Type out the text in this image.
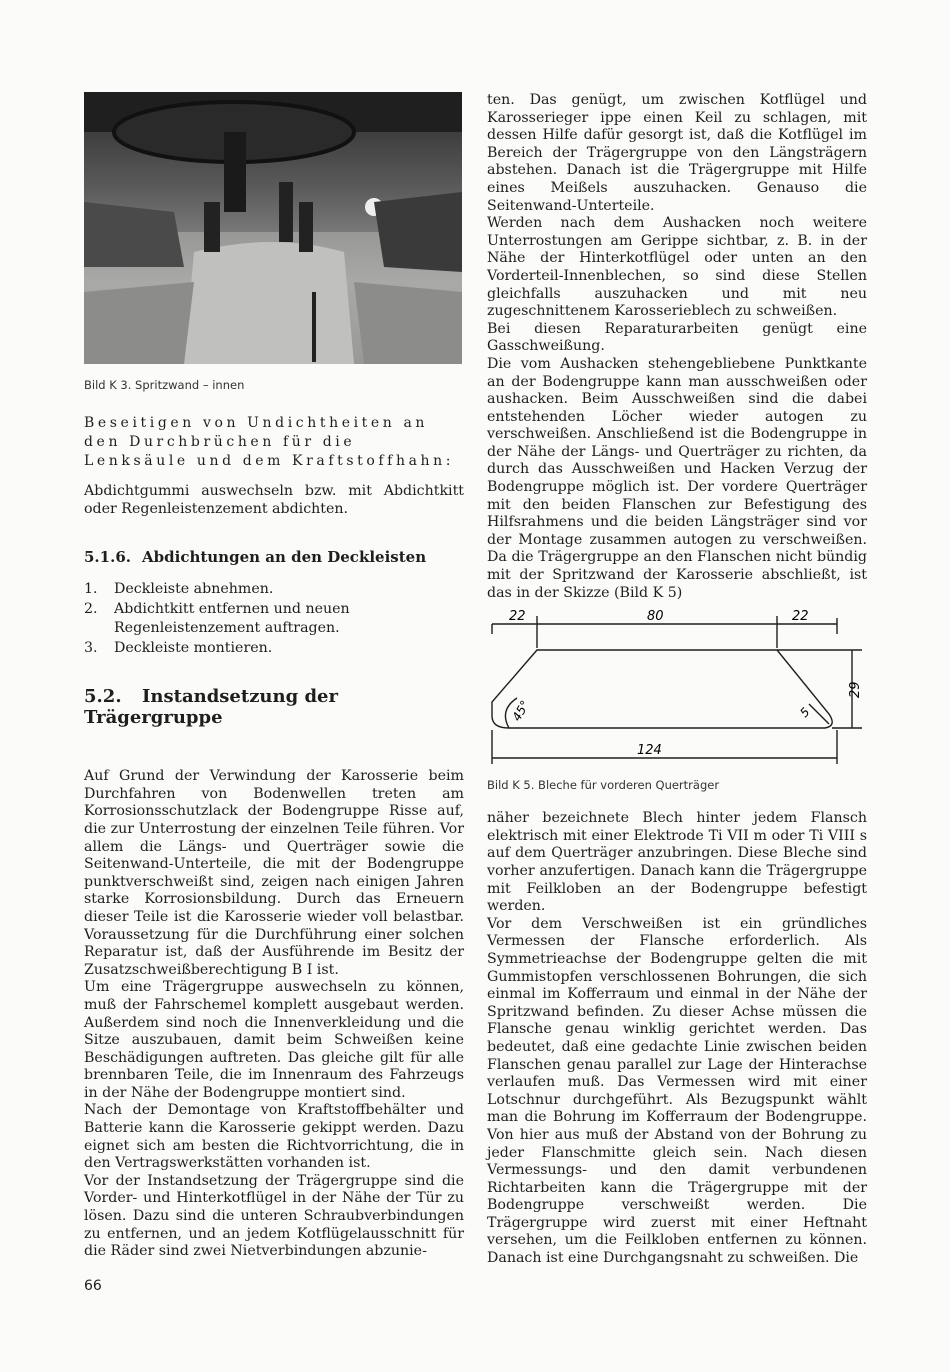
Bild K 3. Spritzwand – innen
Beseitigen von Undichtheiten an den Durchbrüchen für die Lenksäule und dem Kraftstoffhahn:

Abdichtgummi auswechseln bzw. mit Abdichtkitt oder Regenleistenzement abdichten.

5.1.6. Abdichtungen an den Deckleisten
1.	Deckleiste abnehmen.
2.	Abdichtkitt entfernen und neuen Regenleistenzement auftragen.
3.	Deckleiste montieren.
5.2. Instandsetzung der Trägergruppe

Auf Grund der Verwindung der Karosserie beim Durchfahren von Bodenwellen treten am Korrosionsschutzlack der Bodengruppe Risse auf, die zur Unterrostung der einzelnen Teile führen. Vor allem die Längs- und Querträger sowie die Seitenwand-Unterteile, die mit der Bodengruppe punktverschweißt sind, zeigen nach einigen Jahren starke Korrosionsbildung. Durch das Erneuern dieser Teile ist die Karosserie wieder voll belastbar. Voraussetzung für die Durchführung einer solchen Reparatur ist, daß der Ausführende im Besitz der Zusatzschweißberechtigung B I ist.

Um eine Trägergruppe auswechseln zu können, muß der Fahrschemel komplett ausgebaut werden. Außerdem sind noch die Innenverkleidung und die Sitze auszubauen, damit beim Schweißen keine Beschädigungen auftreten. Das gleiche gilt für alle brennbaren Teile, die im Innenraum des Fahrzeugs in der Nähe der Bodengruppe montiert sind.

Nach der Demontage von Kraftstoffbehälter und Batterie kann die Karosserie gekippt werden. Dazu eignet sich am besten die Richtvorrichtung, die in den Vertragswerkstätten vorhanden ist.

Vor der Instandsetzung der Trägergruppe sind die Vorder- und Hinterkotflügel in der Nähe der Tür zu lösen. Dazu sind die unteren Schraubverbindungen zu entfernen, und an jedem Kotflügelausschnitt für die Räder sind zwei Nietverbindungen abzunie-

ten. Das genügt, um zwischen Kotflügel und Karosserieger ippe einen Keil zu schlagen, mit dessen Hilfe dafür gesorgt ist, daß die Kotflügel im Bereich der Trägergruppe von den Längsträgern abstehen. Danach ist die Trägergruppe mit Hilfe eines Meißels auszuhacken. Genauso die Seitenwand-Unterteile.

Werden nach dem Aushacken noch weitere Unterrostungen am Gerippe sichtbar, z. B. in der Nähe der Hinterkotflügel oder unten an den Vorderteil-Innenblechen, so sind diese Stellen gleichfalls auszuhacken und mit neu zugeschnittenem Karosserieblech zu schweißen.

Bei diesen Reparaturarbeiten genügt eine Gasschweißung.

Die vom Aushacken stehengebliebene Punktkante an der Bodengruppe kann man ausschweißen oder aushacken. Beim Ausschweißen sind die dabei entstehenden Löcher wieder autogen zu verschweißen. Anschließend ist die Bodengruppe in der Nähe der Längs- und Querträger zu richten, da durch das Ausschweißen und Hacken Verzug der Bodengruppe möglich ist. Der vordere Querträger mit den beiden Flanschen zur Befestigung des Hilfsrahmens und die beiden Längsträger sind vor der Montage zusammen autogen zu verschweißen. Da die Trägergruppe an den Flanschen nicht bündig mit der Spritzwand der Karosserie abschließt, ist das in der Skizze (Bild K 5)

22	80	22
124
29
45°	5
Bild K 5. Bleche für vorderen Querträger

näher bezeichnete Blech hinter jedem Flansch elektrisch mit einer Elektrode Ti VII m oder Ti VIII s auf dem Querträger anzubringen. Diese Bleche sind vorher anzufertigen. Danach kann die Trägergruppe mit Feilkloben an der Bodengruppe befestigt werden.

Vor dem Verschweißen ist ein gründliches Vermessen der Flansche erforderlich. Als Symmetrieachse der Bodengruppe gelten die mit Gummistopfen verschlossenen Bohrungen, die sich einmal im Kofferraum und einmal in der Nähe der Spritzwand befinden. Zu dieser Achse müssen die Flansche genau winklig gerichtet werden. Das bedeutet, daß eine gedachte Linie zwischen beiden Flanschen genau parallel zur Lage der Hinterachse verlaufen muß. Das Vermessen wird mit einer Lotschnur durchgeführt. Als Bezugspunkt wählt man die Bohrung im Kofferraum der Bodengruppe. Von hier aus muß der Abstand von der Bohrung zu jeder Flanschmitte gleich sein. Nach diesen Vermessungs- und den damit verbundenen Richtarbeiten kann die Trägergruppe mit der Bodengruppe verschweißt werden. Die Trägergruppe wird zuerst mit einer Heftnaht versehen, um die Feilkloben entfernen zu können. Danach ist eine Durchgangsnaht zu schweißen. Die

66
